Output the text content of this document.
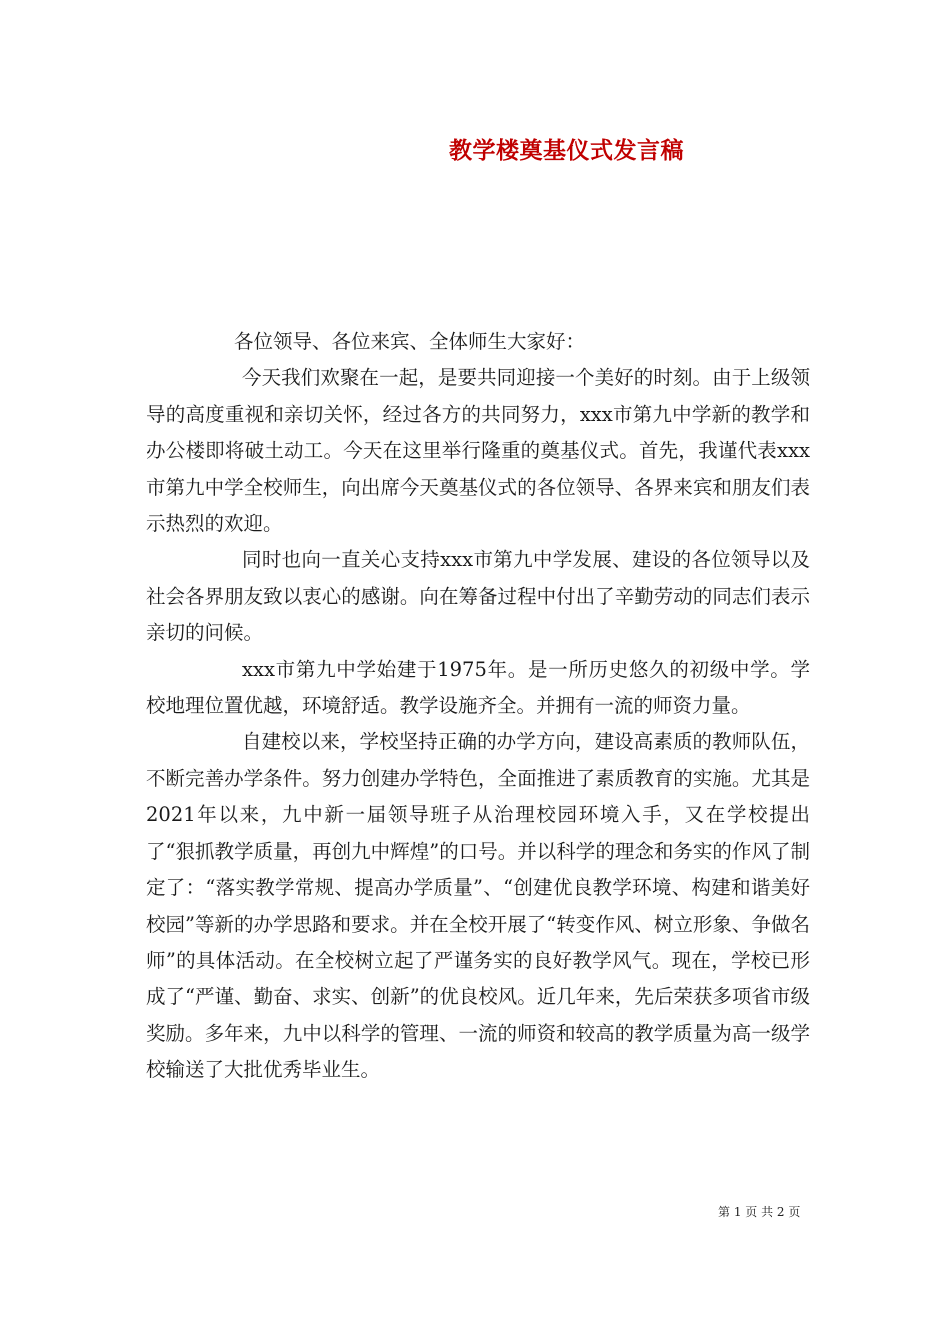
教学楼奠基仪式发言稿

各位领导、各位来宾、全体师生大家好：

今天我们欢聚在一起，是要共同迎接一个美好的时刻。由于上级领导的高度重视和亲切关怀，经过各方的共同努力，xxx市第九中学新的教学和办公楼即将破土动工。今天在这里举行隆重的奠基仪式。首先，我谨代表xxx市第九中学全校师生，向出席今天奠基仪式的各位领导、各界来宾和朋友们表示热烈的欢迎。

同时也向一直关心支持xxx市第九中学发展、建设的各位领导以及社会各界朋友致以衷心的感谢。向在筹备过程中付出了辛勤劳动的同志们表示亲切的问候。

xxx市第九中学始建于1975年。是一所历史悠久的初级中学。学校地理位置优越，环境舒适。教学设施齐全。并拥有一流的师资力量。

自建校以来，学校坚持正确的办学方向，建设高素质的教师队伍，不断完善办学条件。努力创建办学特色，全面推进了素质教育的实施。尤其是2021年以来，九中新一届领导班子从治理校园环境入手，又在学校提出了“狠抓教学质量，再创九中辉煌”的口号。并以科学的理念和务实的作风了制定了：“落实教学常规、提高办学质量”、“创建优良教学环境、构建和谐美好校园”等新的办学思路和要求。并在全校开展了“转变作风、树立形象、争做名师”的具体活动。在全校树立起了严谨务实的良好教学风气。现在，学校已形成了“严谨、勤奋、求实、创新”的优良校风。近几年来，先后荣获多项省市级奖励。多年来，九中以科学的管理、一流的师资和较高的教学质量为高一级学校输送了大批优秀毕业生。

第 1 页 共 2 页
